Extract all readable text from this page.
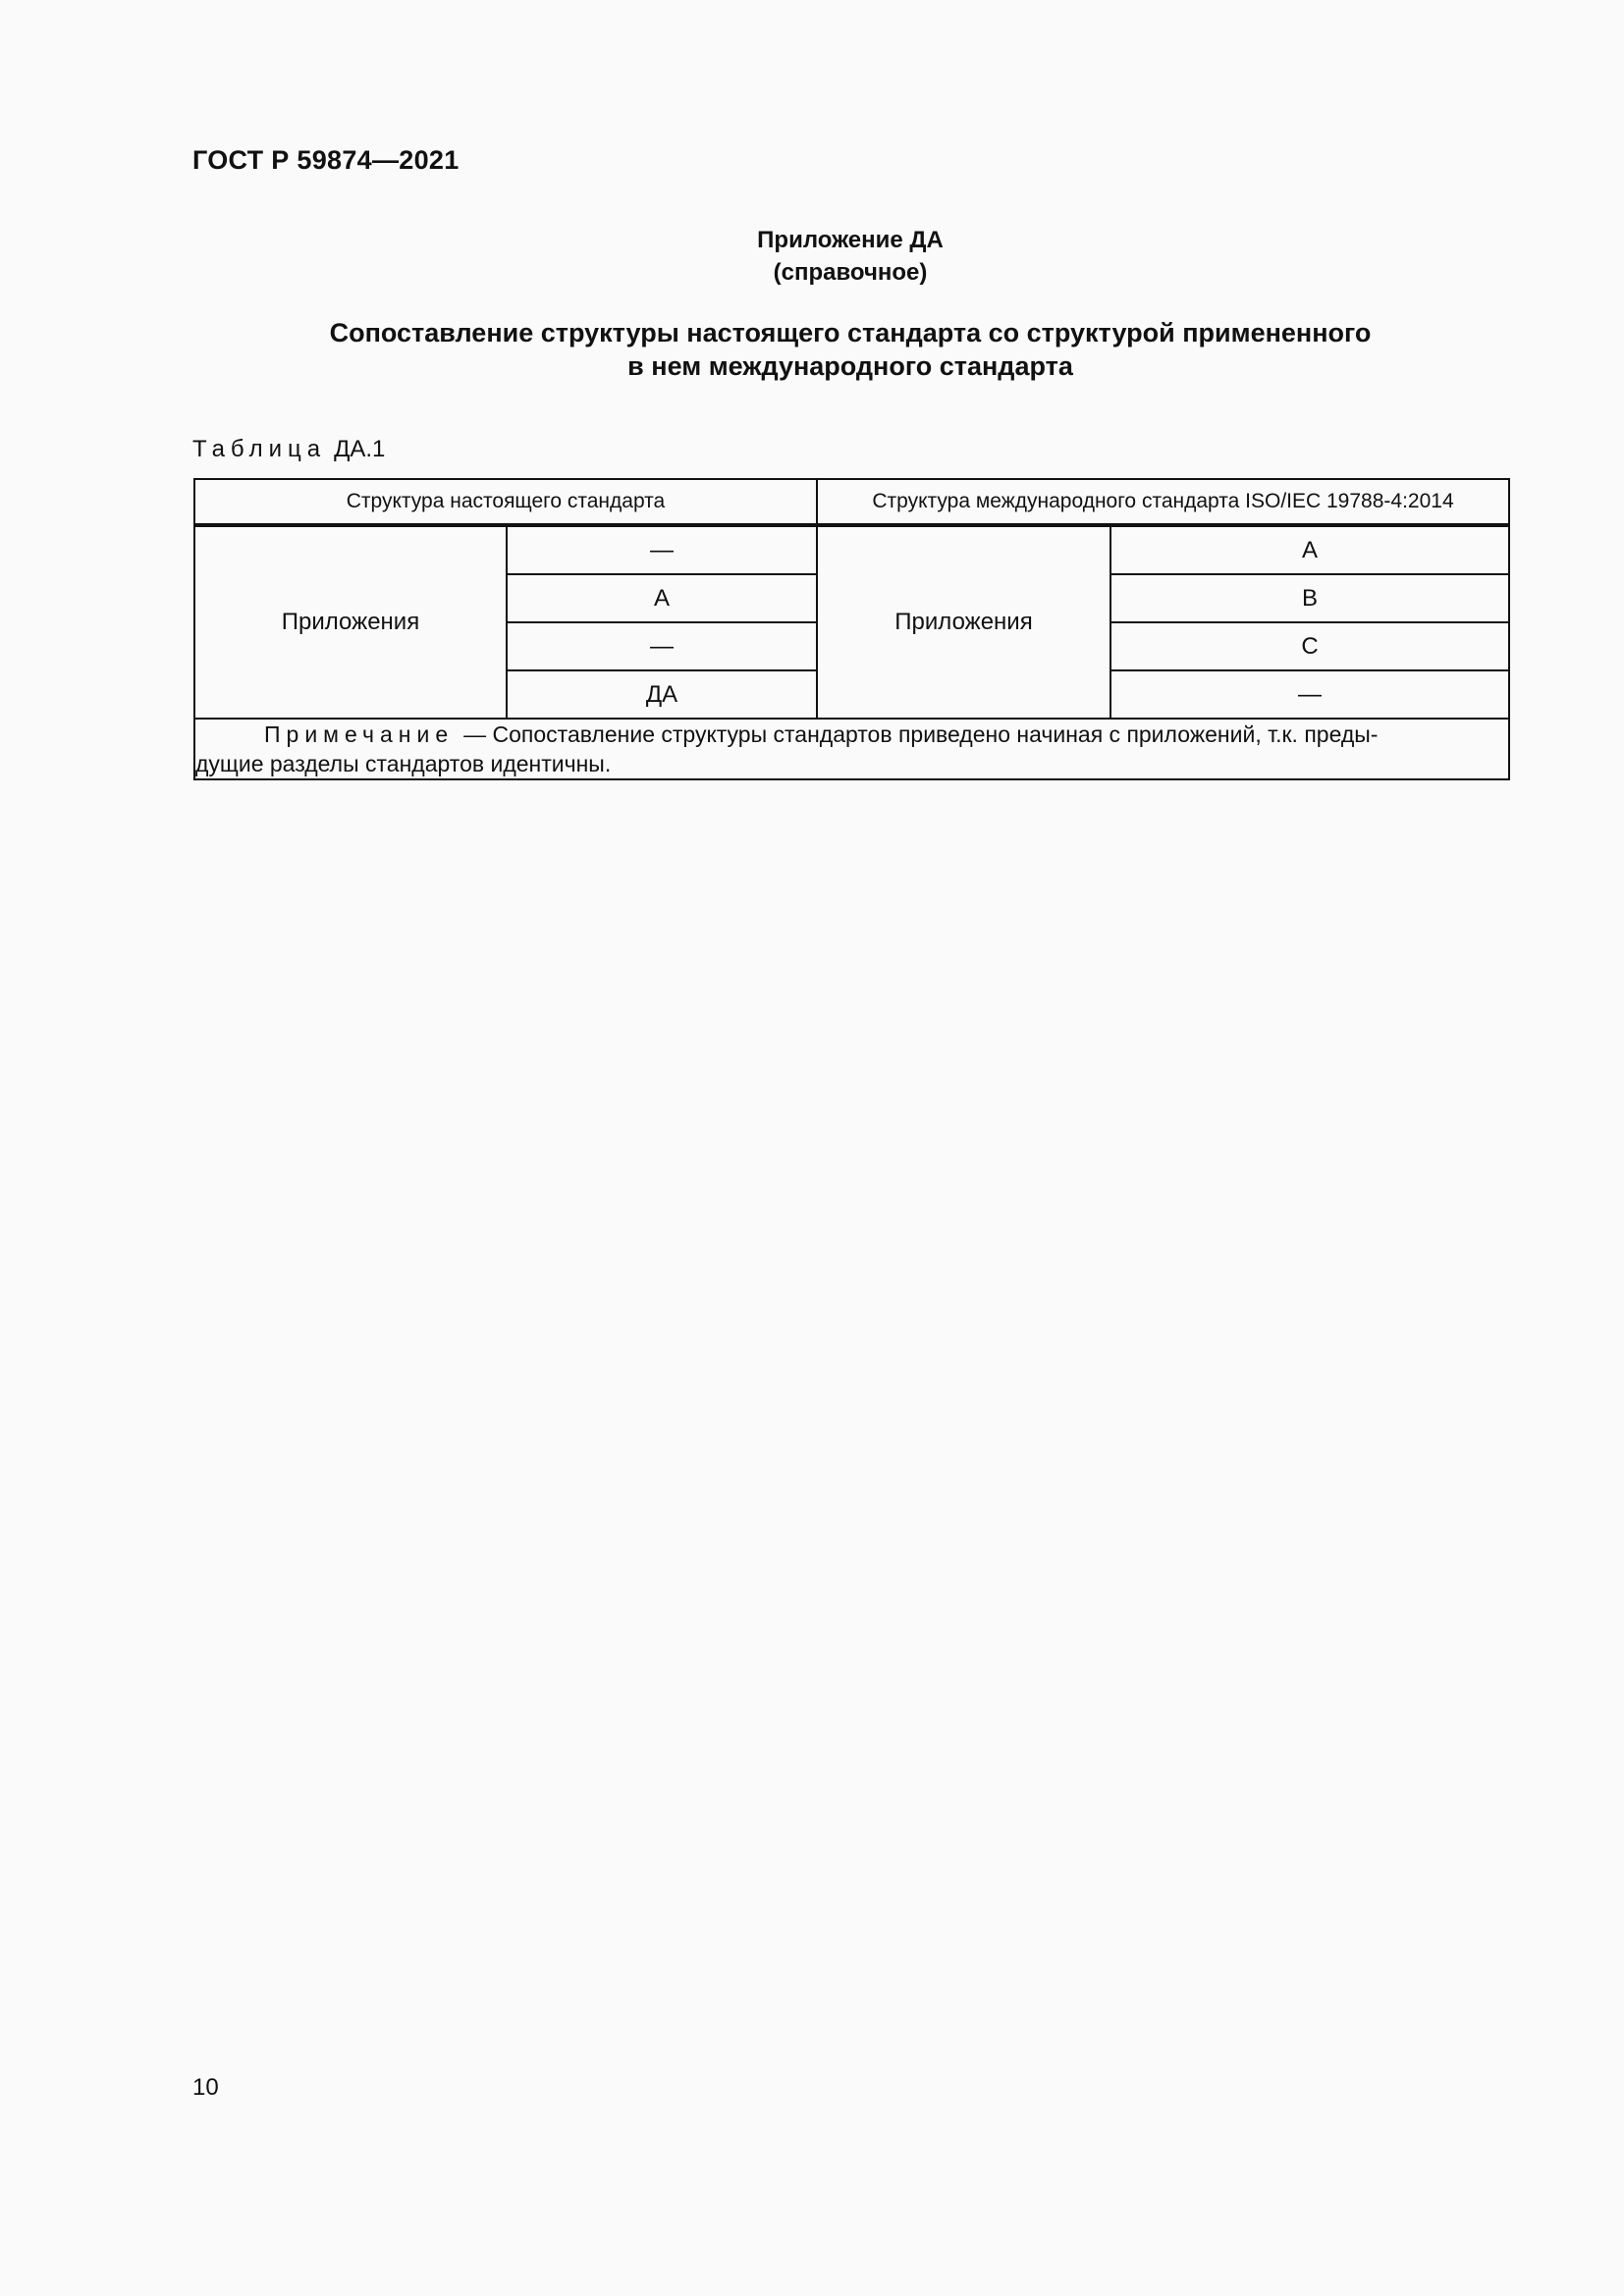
ГОСТ Р 59874—2021
Приложение ДА
(справочное)
Сопоставление структуры настоящего стандарта со структурой примененного
в нем международного стандарта
Таблица ДА.1
Структура настоящего стандарта		Структура международного стандарта ISO/IEC 19788-4:2014	

Приложения	—	Приложения	A
	А		B
	—		C
	ДА		—
Примечание — Сопоставление структуры стандартов приведено начиная с приложений, т.к. преды-
дущие разделы стандартов идентичны.			
10
